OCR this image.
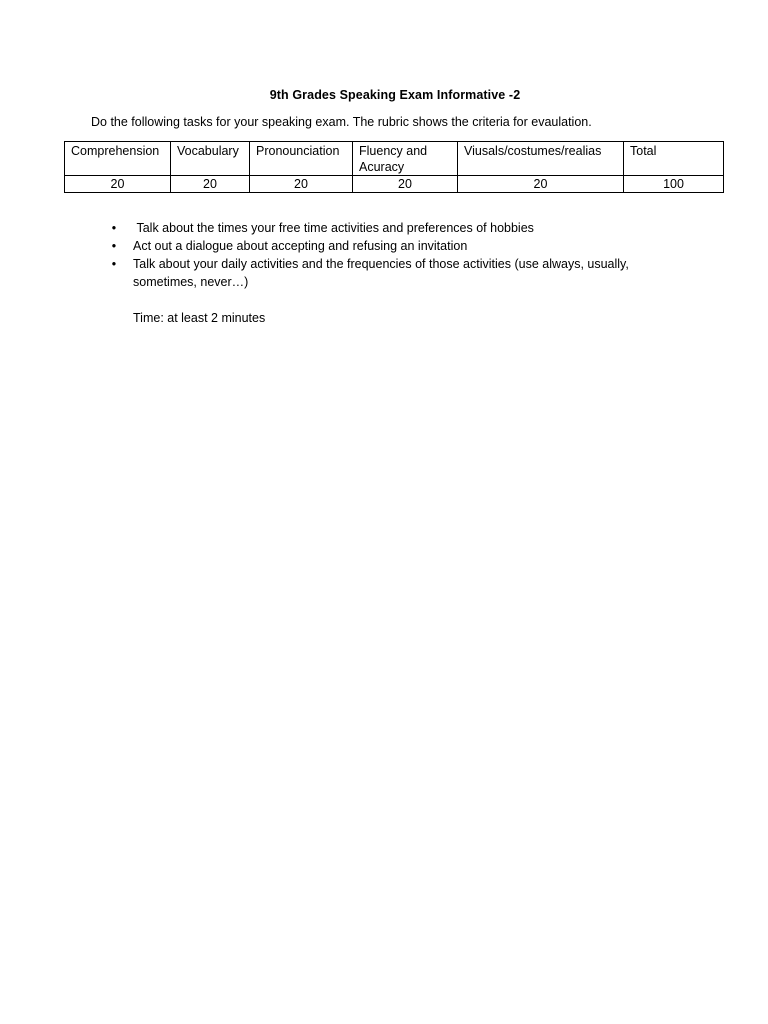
9th Grades Speaking Exam Informative -2
Do the following tasks for your speaking exam. The rubric shows the criteria for evaulation.
Comprehension	Vocabulary	Pronounciation	Fluency and Acuracy	Viusals/costumes/realias	Total
20	20	20	20	20	100
• Talk about the times your free time activities and preferences of hobbies
• Act out a dialogue about accepting and refusing an invitation
• Talk about your daily activities and the frequencies of those activities (use always, usually, sometimes, never…)
Time: at least 2 minutes
